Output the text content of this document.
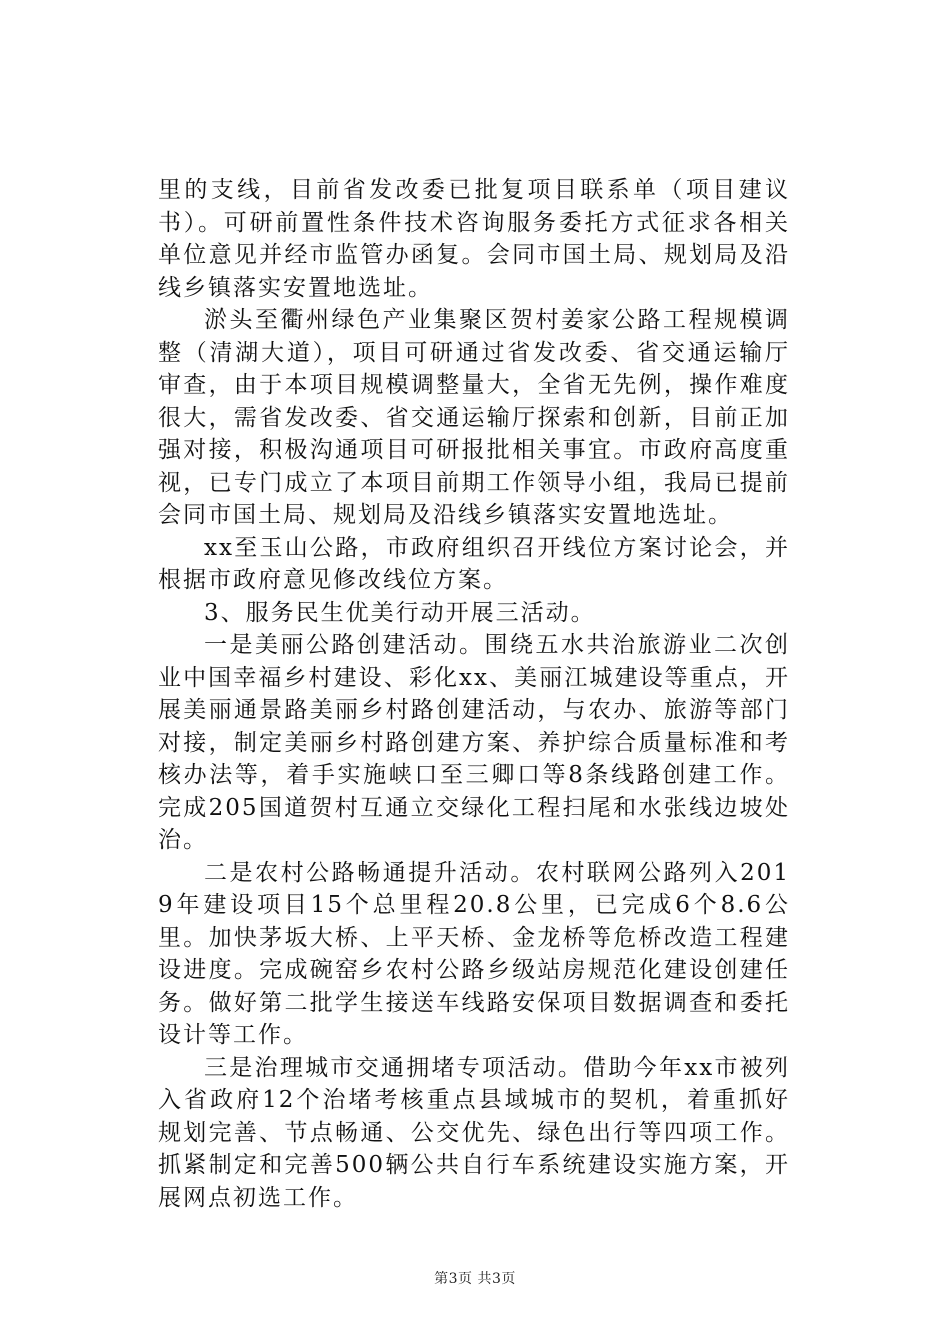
里的支线，目前省发改委已批复项目联系单（项目建议书）。可研前置性条件技术咨询服务委托方式征求各相关单位意见并经市监管办函复。会同市国土局、规划局及沿线乡镇落实安置地选址。

淤头至衢州绿色产业集聚区贺村姜家公路工程规模调整（清湖大道），项目可研通过省发改委、省交通运输厅审查，由于本项目规模调整量大，全省无先例，操作难度很大，需省发改委、省交通运输厅探索和创新，目前正加强对接，积极沟通项目可研报批相关事宜。市政府高度重视，已专门成立了本项目前期工作领导小组，我局已提前会同市国土局、规划局及沿线乡镇落实安置地选址。

xx至玉山公路，市政府组织召开线位方案讨论会，并根据市政府意见修改线位方案。

3、服务民生优美行动开展三活动。

一是美丽公路创建活动。围绕五水共治旅游业二次创业中国幸福乡村建设、彩化xx、美丽江城建设等重点，开展美丽通景路美丽乡村路创建活动，与农办、旅游等部门对接，制定美丽乡村路创建方案、养护综合质量标准和考核办法等，着手实施峡口至三卿口等8条线路创建工作。完成205国道贺村互通立交绿化工程扫尾和水张线边坡处治。

二是农村公路畅通提升活动。农村联网公路列入2019年建设项目15个总里程20.8公里，已完成6个8.6公里。加快茅坂大桥、上平天桥、金龙桥等危桥改造工程建设进度。完成碗窑乡农村公路乡级站房规范化建设创建任务。做好第二批学生接送车线路安保项目数据调查和委托设计等工作。

三是治理城市交通拥堵专项活动。借助今年xx市被列入省政府12个治堵考核重点县域城市的契机，着重抓好规划完善、节点畅通、公交优先、绿色出行等四项工作。抓紧制定和完善500辆公共自行车系统建设实施方案，开展网点初选工作。

第3页 共3页
